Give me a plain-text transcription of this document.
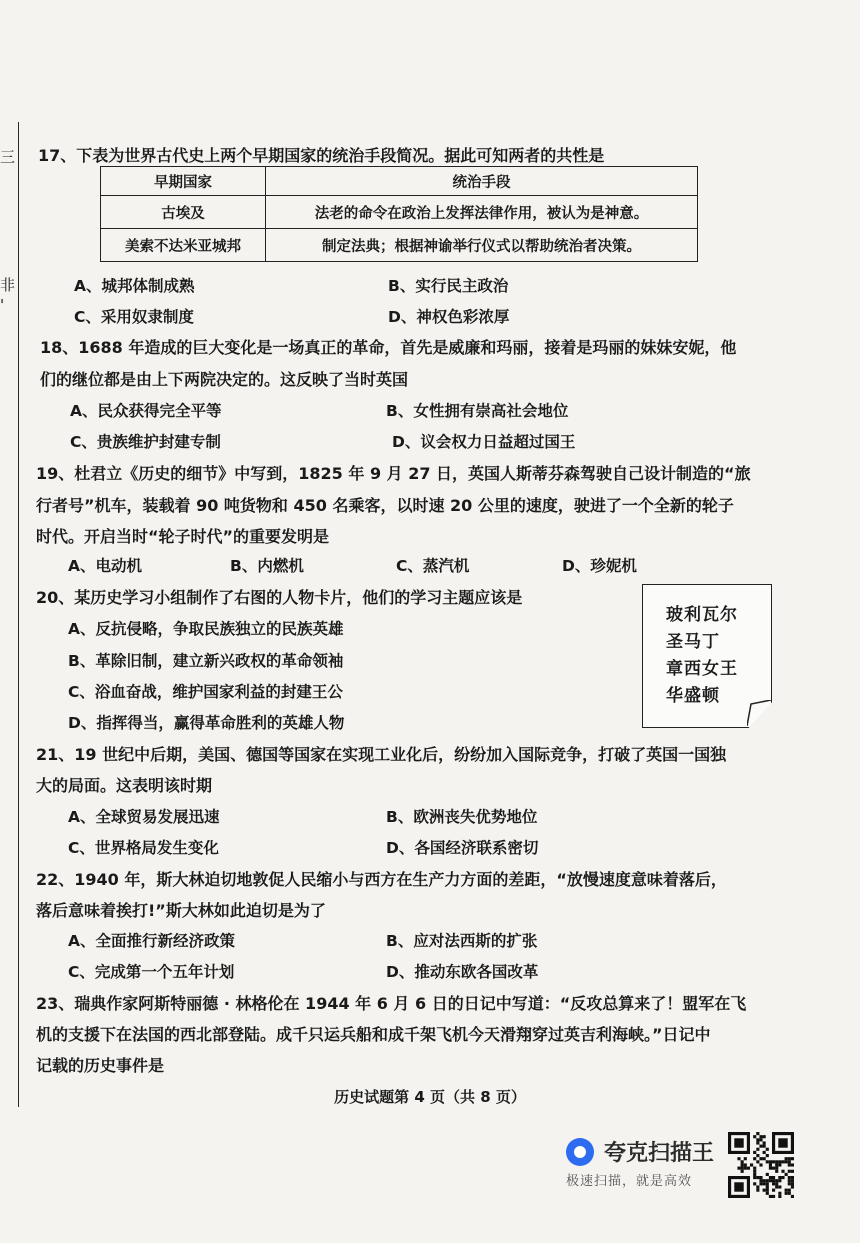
三
非
'
17、下表为世界古代史上两个早期国家的统治手段简况。据此可知两者的共性是
早期国家	统治手段
古埃及	法老的命令在政治上发挥法律作用，被认为是神意。
美索不达米亚城邦	制定法典；根据神谕举行仪式以帮助统治者决策。
A、城邦体制成熟	B、实行民主政治
C、采用奴隶制度	D、神权色彩浓厚
18、1688 年造成的巨大变化是一场真正的革命，首先是威廉和玛丽，接着是玛丽的妹妹安妮，他
们的继位都是由上下两院决定的。这反映了当时英国
A、民众获得完全平等	B、女性拥有崇高社会地位
C、贵族维护封建专制	D、议会权力日益超过国王
19、杜君立《历史的细节》中写到，1825 年 9 月 27 日，英国人斯蒂芬森驾驶自己设计制造的“旅
行者号”机车，装载着 90 吨货物和 450 名乘客，以时速 20 公里的速度，驶进了一个全新的轮子
时代。开启当时“轮子时代”的重要发明是
A、电动机	B、内燃机	C、蒸汽机	D、珍妮机
20、某历史学习小组制作了右图的人物卡片，他们的学习主题应该是
A、反抗侵略，争取民族独立的民族英雄
B、革除旧制，建立新兴政权的革命领袖
C、浴血奋战，维护国家利益的封建王公
D、指挥得当，赢得革命胜利的英雄人物
玻利瓦尔
圣马丁
章西女王
华盛顿
21、19 世纪中后期，美国、德国等国家在实现工业化后，纷纷加入国际竞争，打破了英国一国独
大的局面。这表明该时期
A、全球贸易发展迅速	B、欧洲丧失优势地位
C、世界格局发生变化	D、各国经济联系密切
22、1940 年，斯大林迫切地敦促人民缩小与西方在生产力方面的差距，“放慢速度意味着落后，
落后意味着挨打!”斯大林如此迫切是为了
A、全面推行新经济政策	B、应对法西斯的扩张
C、完成第一个五年计划	D、推动东欧各国改革
23、瑞典作家阿斯特丽德 · 林格伦在 1944 年 6 月 6 日的日记中写道：“反攻总算来了！盟军在飞
机的支援下在法国的西北部登陆。成千只运兵船和成千架飞机今天滑翔穿过英吉利海峡。”日记中
记载的历史事件是
历史试题第 4 页（共 8 页）
夸克扫描王
极速扫描，就是高效
